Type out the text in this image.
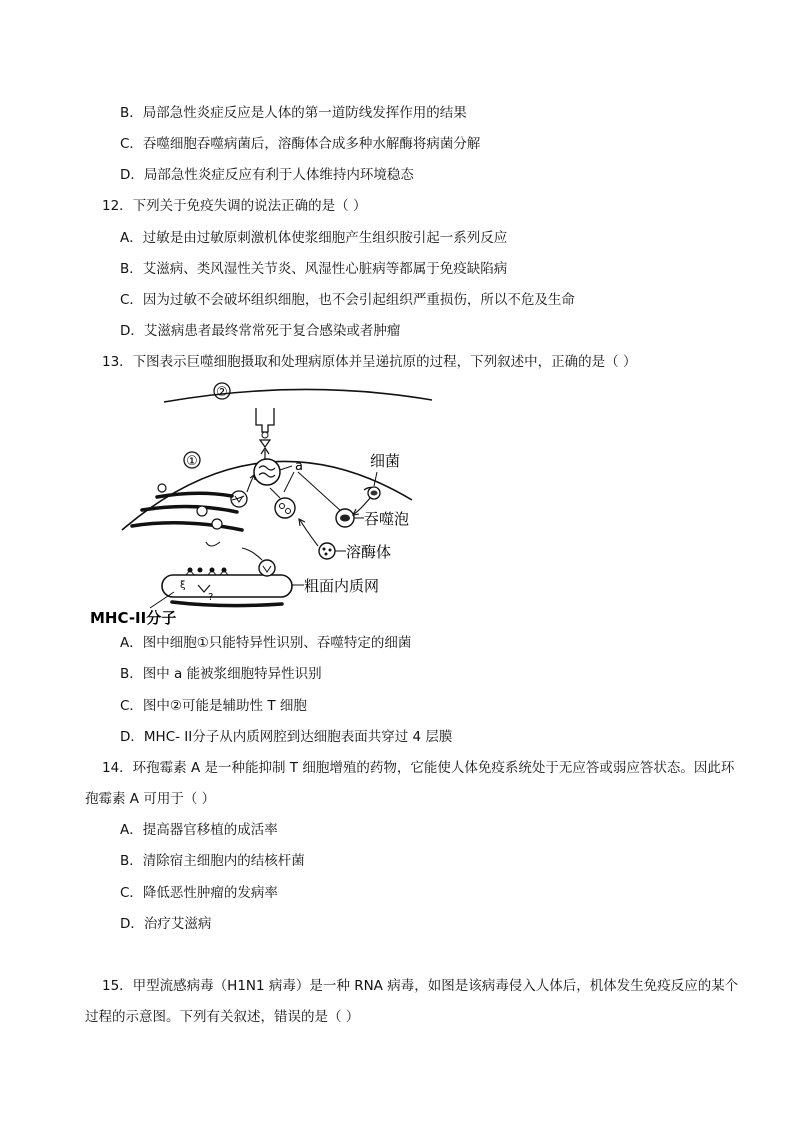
B．局部急性炎症反应是人体的第一道防线发挥作用的结果
C．吞噬细胞吞噬病菌后，溶酶体合成多种水解酶将病菌分解
D．局部急性炎症反应有利于人体维持内环境稳态
12．下列关于免疫失调的说法正确的是（ ）
A．过敏是由过敏原刺激机体使浆细胞产生组织胺引起一系列反应
B．艾滋病、类风湿性关节炎、风湿性心脏病等都属于免疫缺陷病
C．因为过敏不会破坏组织细胞，也不会引起组织严重损伤，所以不危及生命
D．艾滋病患者最终常常死于复合感染或者肿瘤
13．下图表示巨噬细胞摄取和处理病原体并呈递抗原的过程，下列叙述中，正确的是（ ）
②
①	a	细菌
吞噬泡
溶酶体
?
ξ	粗面内质网
MHC-II分子
A．图中细胞①只能特异性识别、吞噬特定的细菌
B．图中 a 能被浆细胞特异性识别
C．图中②可能是辅助性 T 细胞
D．MHC- II分子从内质网腔到达细胞表面共穿过 4 层膜
14．环孢霉素 A 是一种能抑制 T 细胞增殖的药物，它能使人体免疫系统处于无应答或弱应答状态。因此环
孢霉素 A 可用于（ ）
A．提高器官移植的成活率
B．清除宿主细胞内的结核杆菌
C．降低恶性肿瘤的发病率
D．治疗艾滋病
15．甲型流感病毒（H1N1 病毒）是一种 RNA 病毒，如图是该病毒侵入人体后，机体发生免疫反应的某个
过程的示意图。下列有关叙述，错误的是（ ）
